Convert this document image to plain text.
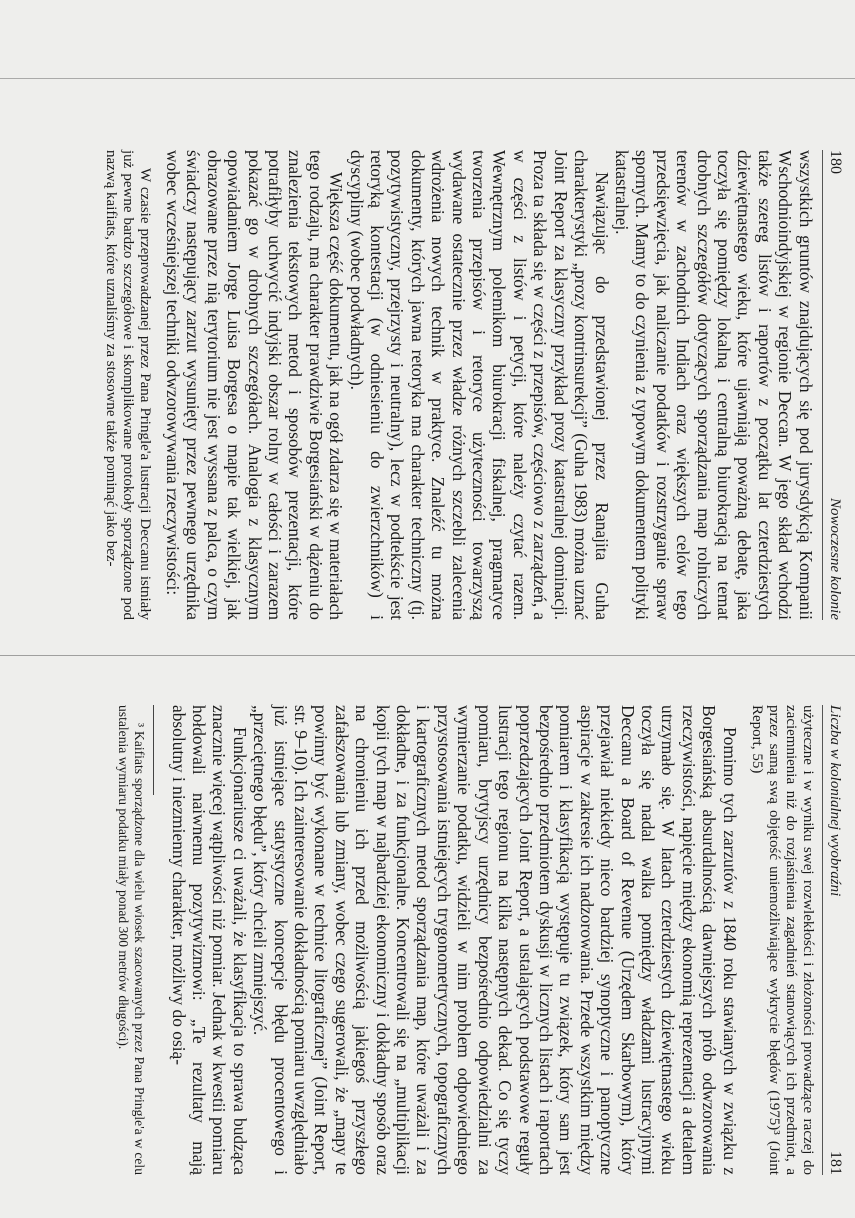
180
Nowoczesne kolonie

wszystkich gruntów znajdujących się pod jurysdykcją Kompanii Wschodnioindyjskiej w regionie Deccan. W jego skład wchodzi także szereg listów i raportów z początku lat czterdziestych dziewiętnastego wieku, które ujawniają poważną debatę, jaka toczyła się pomiędzy lokalną i centralną biurokracją na temat drobnych szczegółów dotyczących sporządzania map rolniczych terenów w zachodnich Indiach oraz większych celów tego przedsięwzięcia, jak naliczanie podatków i rozstrzyganie spraw spornych. Mamy to do czynienia z typowym dokumentem polityki katastralnej.

Nawiązując do przedstawionej przez Ranajita Guha charakterystyki „prozy kontrinsurekcji” (Guha 1983) można uznać Joint Report za klasyczny przykład prozy katastralnej dominacji. Proza ta składa się w części z przepisów, częściowo z zarządzeń, a w części z listów i petycji, które należy czytać razem. Wewnętrznym polemikom biurokracji fiskalnej, pragmatyce tworzenia przepisów i retoryce użyteczności towarzyszą wydawane ostatecznie przez władze różnych szczebli zalecenia wdrożenia nowych technik w praktyce. Znaleźć tu można dokumenty, których jawna retoryka ma charakter techniczny (tj. pozytywistyczny, przejrzysty i neutralny), lecz w podtekście jest retoryką kontestacji (w odniesieniu do zwierzchników) i dyscypliny (wobec podwładnych).

Większa część dokumentu, jak na ogół zdarza się w materiałach tego rodzaju, ma charakter prawdziwie Borgesiański w dążeniu do znalezienia tekstowych metod i sposobów prezentacji, które potrafiłyby uchwycić indyjski obszar rolny w całości i zarazem pokazać go w drobnych szczegółach. Analogia z klasycznym opowiadaniem Jorge Luisa Borgesa o mapie tak wielkiej, jak obrazowane przez nią terytorium nie jest wyssana z palca, o czym świadczy następujący zarzut wysunięty przez pewnego urzędnika wobec wcześniejszej techniki odwzorowywania rzeczywistości:

W czasie przeprowadzanej przez Pana Pringle'a lustracji Deccanu istniały już pewne bardzo szczegółowe i skomplikowane protokoły sporządzone pod nazwą kaifiats, które uznaliśmy za stosowne także pominąć jako bez-

Liczba w kolonialnej wyobraźni
181

użyteczne i w wyniku swej rozwlekłości i złożoności prowadzące raczej do zaciemnienia niż do rozjaśnienia zagadnień stanowiących ich przedmiot, a przez samą swą objętość uniemożliwiające wykrycie błędów (1975)³ (Joint Report, 55)

Pomimo tych zarzutów z 1840 roku stawianych w związku z Borgesiańską absurdalnością dawniejszych prób odwzorowania rzeczywistości, napięcie między ekonomią reprezentacji a detalem utrzymało się. W latach czterdziestych dziewiętnastego wieku toczyła się nadal walka pomiędzy władzami lustracyjnymi Deccanu a Board of Revenue (Urzędem Skarbowym), który przejawiał niekiedy nieco bardziej synoptyczne i panoptyczne aspiracje w zakresie ich nadzorowania. Przede wszystkim między pomiarem i klasyfikacją występuje tu związek, który sam jest bezpośrednio przedmiotem dyskusji w licznych listach i raportach poprzedzających Joint Report, a ustalających podstawowe reguły lustracji tego regionu na kilka następnych dekad. Co się tyczy pomiaru, brytyjscy urzędnicy bezpośrednio odpowiedzialni za wymierzanie podatku, widzieli w nim problem odpowiedniego przystosowania istniejących trygonometrycznych, topograficznych i kartograficznych metod sporządzania map, które uważali i za dokładne, i za funkcjonalne. Koncentrowali się na „multiplikacji kopii tych map w najbardziej ekonomiczny i dokładny sposób oraz na chronieniu ich przed możliwością jakiegoś przyszłego zafałszowania lub zmiany, wobec czego sugerowali, że „mapy te powinny być wykonane w technice litograficznej” (Joint Report, str. 9–10). Ich zainteresowanie dokładnością pomiaru uwzględniało już istniejące statystyczne koncepcje błędu procentowego i „przeciętnego błędu”, który chcieli zmniejszyć.

Funkcjonariusze ci uważali, że klasyfikacja to sprawa budząca znacznie więcej wątpliwości niż pomiar. Jednak w kwestii pomiaru hołdowali naiwnemu pozytywizmowi: „Te rezultaty mają absolutny i niezmienny charakter, możliwy do osią-

³ Kaifiats sporządzone dla wielu wiosek szacowanych przez Pana Pringle'a w celu ustalenia wymiaru podatku miały ponad 300 metrów długości).
